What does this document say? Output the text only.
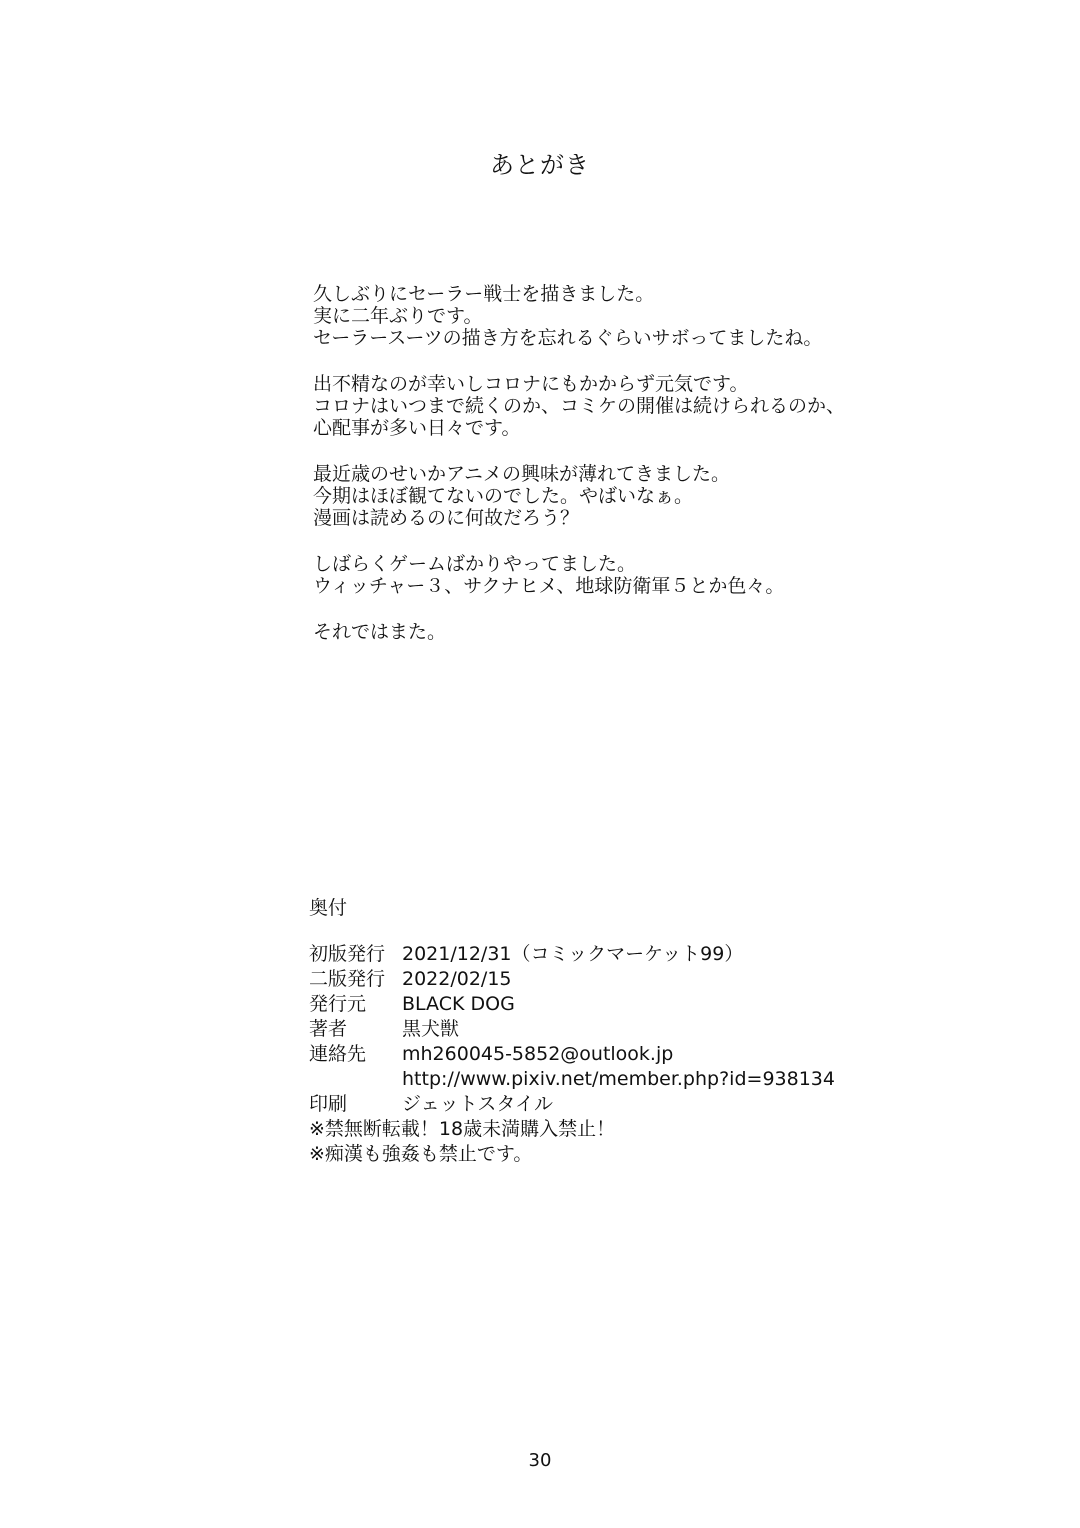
あとがき
久しぶりにセーラー戦士を描きました。
実に二年ぶりです。
セーラースーツの描き方を忘れるぐらいサボってましたね。
出不精なのが幸いしコロナにもかからず元気です。
コロナはいつまで続くのか、コミケの開催は続けられるのか、
心配事が多い日々です。
最近歳のせいかアニメの興味が薄れてきました。
今期はほぼ観てないのでした。やばいなぁ。
漫画は読めるのに何故だろう？
しばらくゲームばかりやってました。
ウィッチャー３、サクナヒメ、地球防衛軍５とか色々。
それではまた。
奥付
初版発行 2021/12/31（コミックマーケット99）
二版発行 2022/02/15
発行元	BLACK DOG
著者	黒犬獣
連絡先	mh260045-5852@outlook.jp
http://www.pixiv.net/member.php?id=938134
印刷	ジェットスタイル
※禁無断転載！18歳未満購入禁止！
※痴漢も強姦も禁止です。
30
